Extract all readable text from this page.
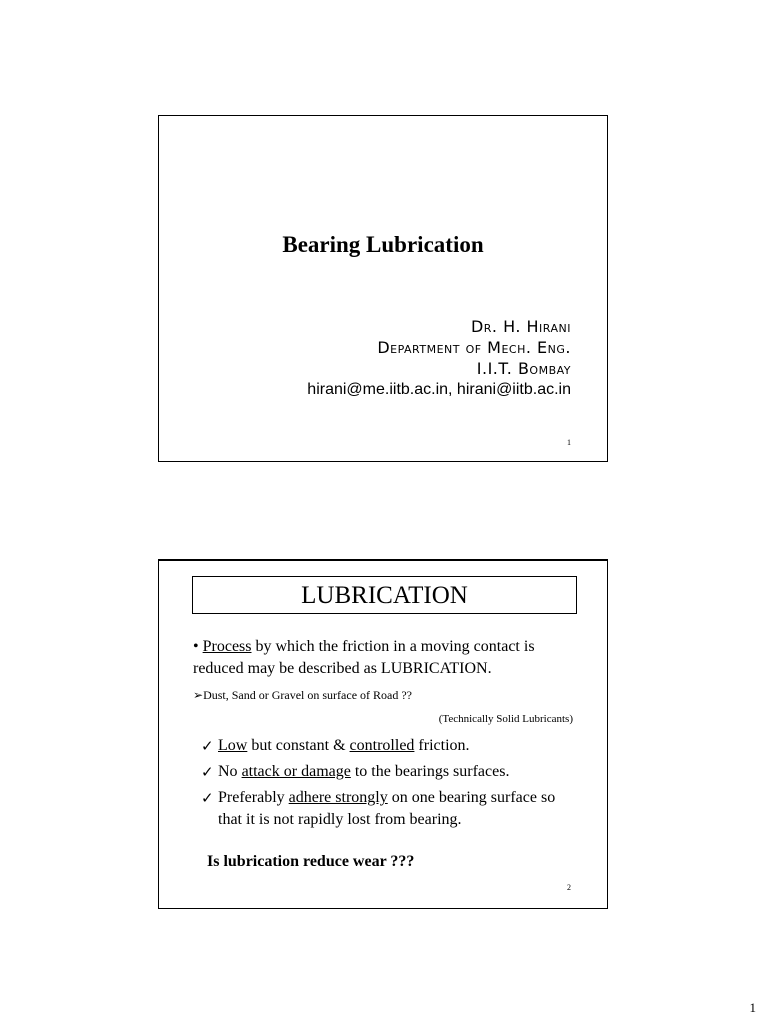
Bearing Lubrication
Dr. H. Hirani
Department of Mech. Eng.
I.I.T. Bombay
hirani@me.iitb.ac.in, hirani@iitb.ac.in
1
LUBRICATION
• Process by which the friction in a moving contact is reduced may be described as LUBRICATION.
➢Dust, Sand or Gravel on surface of Road ??
(Technically Solid Lubricants)
✓ Low but constant & controlled friction.
✓ No attack or damage to the bearings surfaces.
✓ Preferably adhere strongly on one bearing surface so that it is not rapidly lost from bearing.
Is lubrication reduce wear ???
2
1
